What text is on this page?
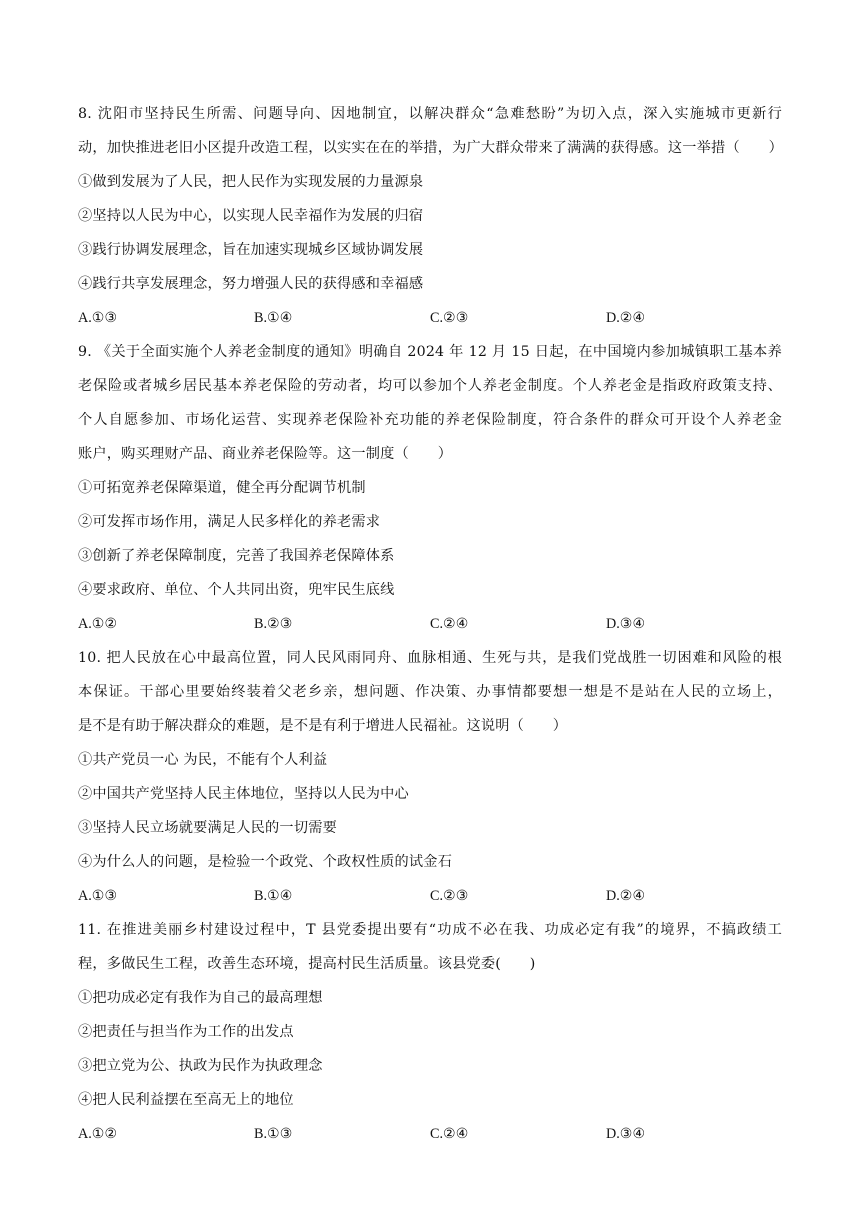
8. 沈阳市坚持民生所需、问题导向、因地制宜，以解决群众“急难愁盼”为切入点，深入实施城市更新行
动，加快推进老旧小区提升改造工程，以实实在在的举措，为广大群众带来了满满的获得感。这一举措（　　）
①做到发展为了人民，把人民作为实现发展的力量源泉
②坚持以人民为中心，以实现人民幸福作为发展的归宿
③践行协调发展理念，旨在加速实现城乡区域协调发展
④践行共享发展理念，努力增强人民的获得感和幸福感
A.①③	B.①④	C.②③	D.②④
9. 《关于全面实施个人养老金制度的通知》明确自 2024 年 12 月 15 日起，在中国境内参加城镇职工基本养
老保险或者城乡居民基本养老保险的劳动者，均可以参加个人养老金制度。个人养老金是指政府政策支持、
个人自愿参加、市场化运营、实现养老保险补充功能的养老保险制度，符合条件的群众可开设个人养老金
账户，购买理财产品、商业养老保险等。这一制度（　　）
①可拓宽养老保障渠道，健全再分配调节机制
②可发挥市场作用，满足人民多样化的养老需求
③创新了养老保障制度，完善了我国养老保障体系
④要求政府、单位、个人共同出资，兜牢民生底线
A.①②	B.②③	C.②④	D.③④
10. 把人民放在心中最高位置，同人民风雨同舟、血脉相通、生死与共，是我们党战胜一切困难和风险的根
本保证。干部心里要始终装着父老乡亲，想问题、作决策、办事情都要想一想是不是站在人民的立场上，
是不是有助于解决群众的难题，是不是有利于增进人民福祉。这说明（　　）
①共产党员一心 为民，不能有个人利益
②中国共产党坚持人民主体地位，坚持以人民为中心
③坚持人民立场就要满足人民的一切需要
④为什么人的问题，是检验一个政党、个政权性质的试金石
A.①③	B.①④	C.②③	D.②④
11. 在推进美丽乡村建设过程中，T 县党委提出要有“功成不必在我、功成必定有我”的境界，不搞政绩工
程，多做民生工程，改善生态环境，提高村民生活质量。该县党委(　　)
①把功成必定有我作为自己的最高理想
②把责任与担当作为工作的出发点
③把立党为公、执政为民作为执政理念
④把人民利益摆在至高无上的地位
A.①②	B.①③	C.②④	D.③④
